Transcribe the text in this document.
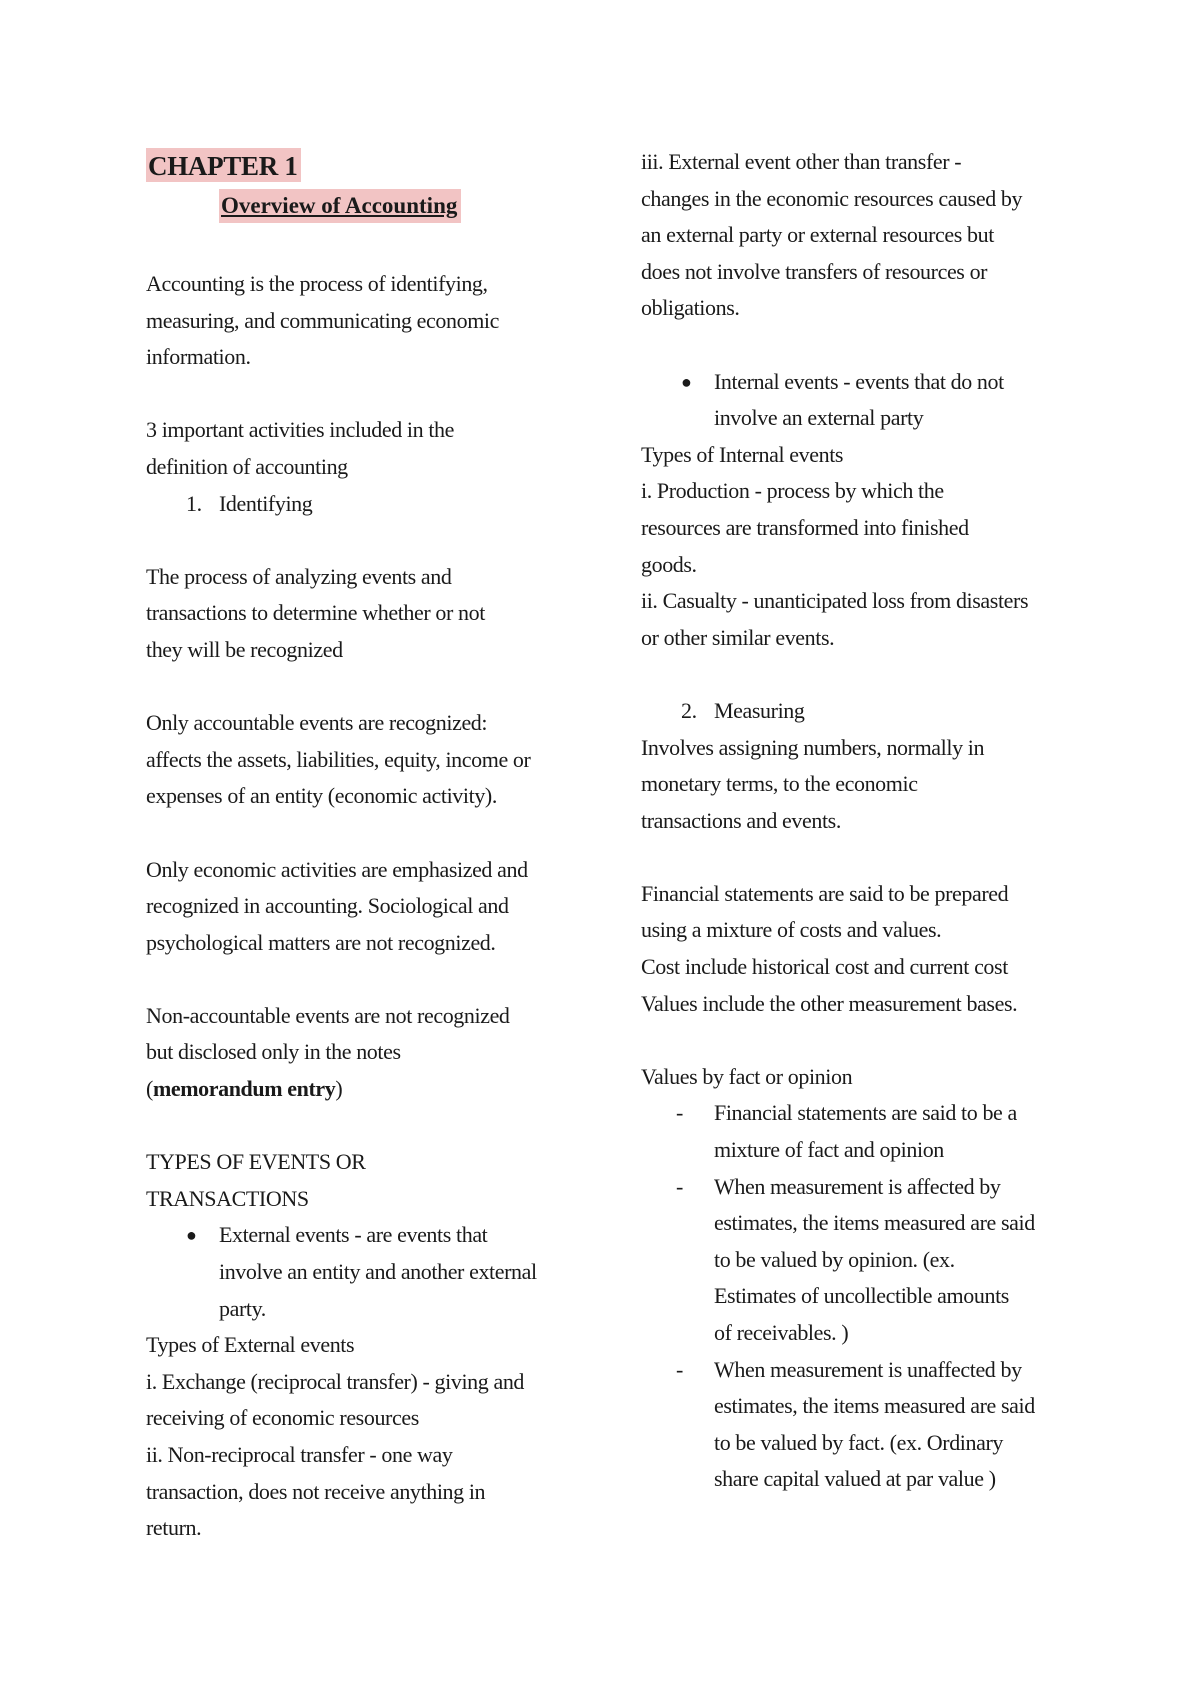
CHAPTER 1
Overview of Accounting
Accounting is the process of identifying,
measuring, and communicating economic
information.
3 important activities included in the
definition of accounting
1. Identifying
The process of analyzing events and
transactions to determine whether or not
they will be recognized
Only accountable events are recognized:
affects the assets, liabilities, equity, income or
expenses of an entity (economic activity).
Only economic activities are emphasized and
recognized in accounting. Sociological and
psychological matters are not recognized.
Non-accountable events are not recognized
but disclosed only in the notes
(memorandum entry)
TYPES OF EVENTS OR
TRANSACTIONS
● External events - are events that
involve an entity and another external
party.
Types of External events
i. Exchange (reciprocal transfer) - giving and
receiving of economic resources
ii. Non-reciprocal transfer - one way
transaction, does not receive anything in
return.
iii. External event other than transfer -
changes in the economic resources caused by
an external party or external resources but
does not involve transfers of resources or
obligations.
● Internal events - events that do not
involve an external party
Types of Internal events
i. Production - process by which the
resources are transformed into finished
goods.
ii. Casualty - unanticipated loss from disasters
or other similar events.
2. Measuring
Involves assigning numbers, normally in
monetary terms, to the economic
transactions and events.
Financial statements are said to be prepared
using a mixture of costs and values.
Cost include historical cost and current cost
Values include the other measurement bases.
Values by fact or opinion
- Financial statements are said to be a
mixture of fact and opinion
- When measurement is affected by
estimates, the items measured are said
to be valued by opinion. (ex.
Estimates of uncollectible amounts
of receivables. )
- When measurement is unaffected by
estimates, the items measured are said
to be valued by fact. (ex. Ordinary
share capital valued at par value )
